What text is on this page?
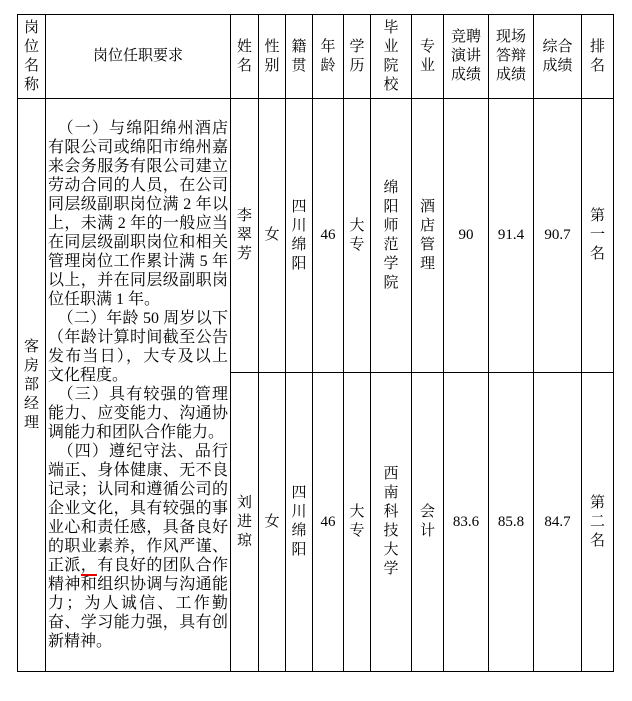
岗位名称	岗位任职要求	姓名	性别	籍贯	年龄	学历	毕业院校	专业	竞聘演讲成绩	现场答辩成绩	综合成绩	排名

客房部经理	（一）与绵阳绵州酒店有限公司或绵阳市绵州嘉来会务服务有限公司建立劳动合同的人员，在公司同层级副职岗位满 2 年以上，未满 2 年的一般应当在同层级副职岗位和相关管理岗位工作累计满 5 年以上，并在同层级副职岗位任职满 1 年。

（二）年龄 50 周岁以下（年龄计算时间截至公告发布当日），大专及以上文化程度。

（三）具有较强的管理能力、应变能力、沟通协调能力和团队合作能力。

（四）遵纪守法、品行端正、身体健康、无不良记录；认同和遵循公司的企业文化，具有较强的事业心和责任感，具备良好的职业素养，作风严谨、正派，有良好的团队合作精神和组织协调与沟通能力；为人诚信、工作勤奋、学习能力强，具有创新精神。	李翠芳	女	四川绵阳	46	大专	绵阳师范学院	酒店管理	90	91.4	90.7	第一名

		刘进琼	女	四川绵阳	46	大专	西南科技大学	会计	83.6	85.8	84.7	第二名
